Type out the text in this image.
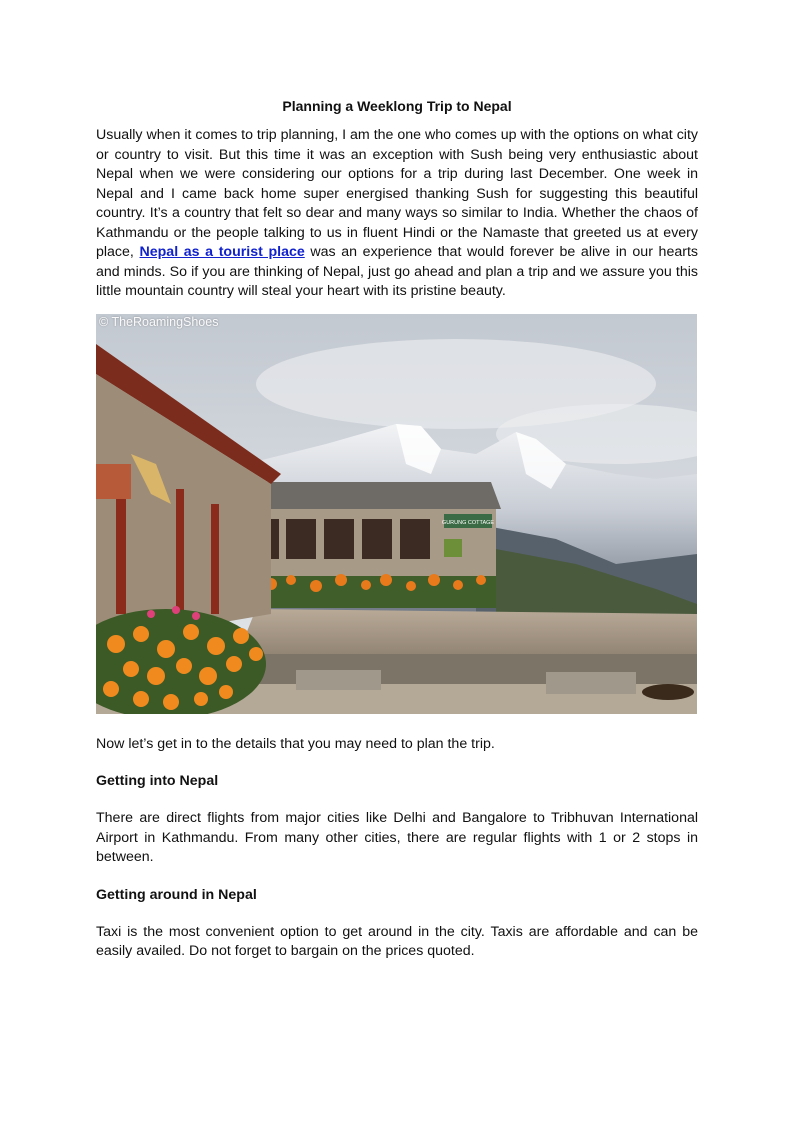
Planning a Weeklong Trip to Nepal

Usually when it comes to trip planning, I am the one who comes up with the options on what city or country to visit. But this time it was an exception with Sush being very enthusiastic about Nepal when we were considering our options for a trip during last December. One week in Nepal and I came back home super energised thanking Sush for suggesting this beautiful country. It’s a country that felt so dear and many ways so similar to India. Whether the chaos of Kathmandu or the people talking to us in fluent Hindi or the Namaste that greeted us at every place, Nepal as a tourist place was an experience that would forever be alive in our hearts and minds. So if you are thinking of Nepal, just go ahead and plan a trip and we assure you this little mountain country will steal your heart with its pristine beauty.

GURUNG COTTAGE
© TheRoamingShoes

Now let’s get in to the details that you may need to plan the trip.

Getting into Nepal

There are direct flights from major cities like Delhi and Bangalore to Tribhuvan International Airport in Kathmandu. From many other cities, there are regular flights with 1 or 2 stops in between.

Getting around in Nepal

Taxi is the most convenient option to get around in the city. Taxis are affordable and can be easily availed. Do not forget to bargain on the prices quoted.
